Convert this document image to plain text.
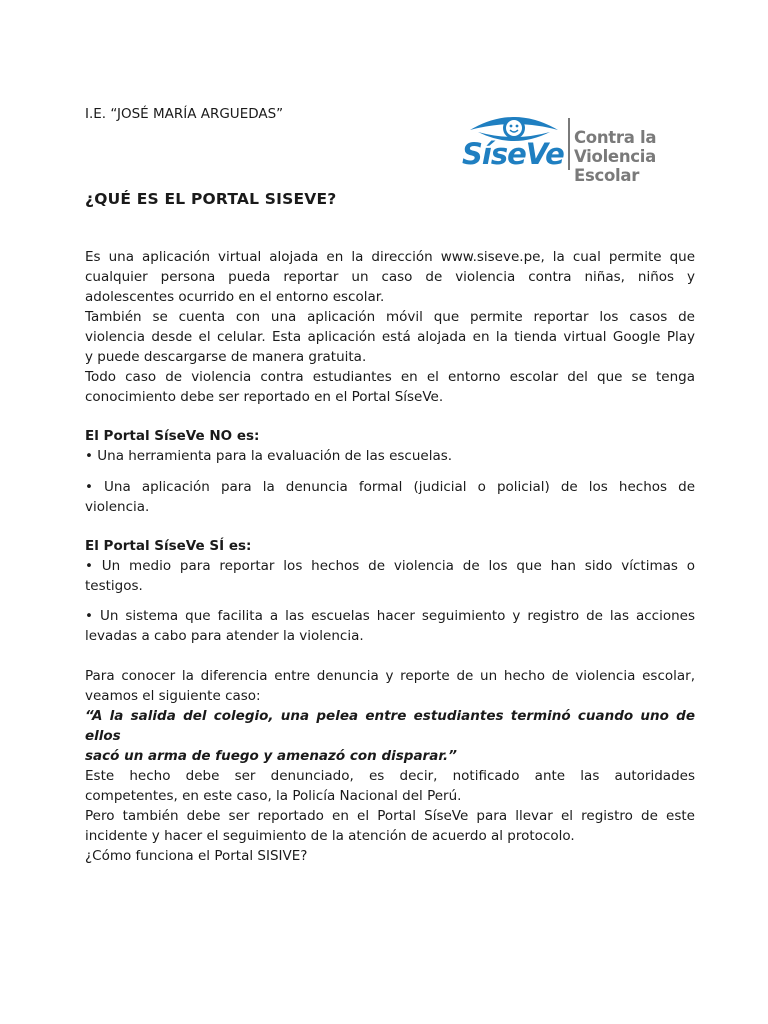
I.E. “JOSÉ MARÍA ARGUEDAS”
SíseVe Contra la
Violencia Escolar
¿QUÉ ES EL PORTAL SISEVE?
Es una aplicación virtual alojada en la dirección www.siseve.pe, la cual permite que
cualquier persona pueda reportar un caso de violencia contra niñas, niños y
adolescentes ocurrido en el entorno escolar.
También se cuenta con una aplicación móvil que permite reportar los casos de
violencia desde el celular. Esta aplicación está alojada en la tienda virtual Google Play
y puede descargarse de manera gratuita.
Todo caso de violencia contra estudiantes en el entorno escolar del que se tenga
conocimiento debe ser reportado en el Portal SíseVe.
El Portal SíseVe NO es:
• Una herramienta para la evaluación de las escuelas.
• Una aplicación para la denuncia formal (judicial o policial) de los hechos de
violencia.
El Portal SíseVe SÍ es:
• Un medio para reportar los hechos de violencia de los que han sido víctimas o
testigos.
• Un sistema que facilita a las escuelas hacer seguimiento y registro de las acciones
levadas a cabo para atender la violencia.
Para conocer la diferencia entre denuncia y reporte de un hecho de violencia escolar,
veamos el siguiente caso:
“A la salida del colegio, una pelea entre estudiantes terminó cuando uno de ellos
sacó un arma de fuego y amenazó con disparar.”
Este hecho debe ser denunciado, es decir, notificado ante las autoridades
competentes, en este caso, la Policía Nacional del Perú.
Pero también debe ser reportado en el Portal SíseVe para llevar el registro de este
incidente y hacer el seguimiento de la atención de acuerdo al protocolo.
¿Cómo funciona el Portal SISIVE?
